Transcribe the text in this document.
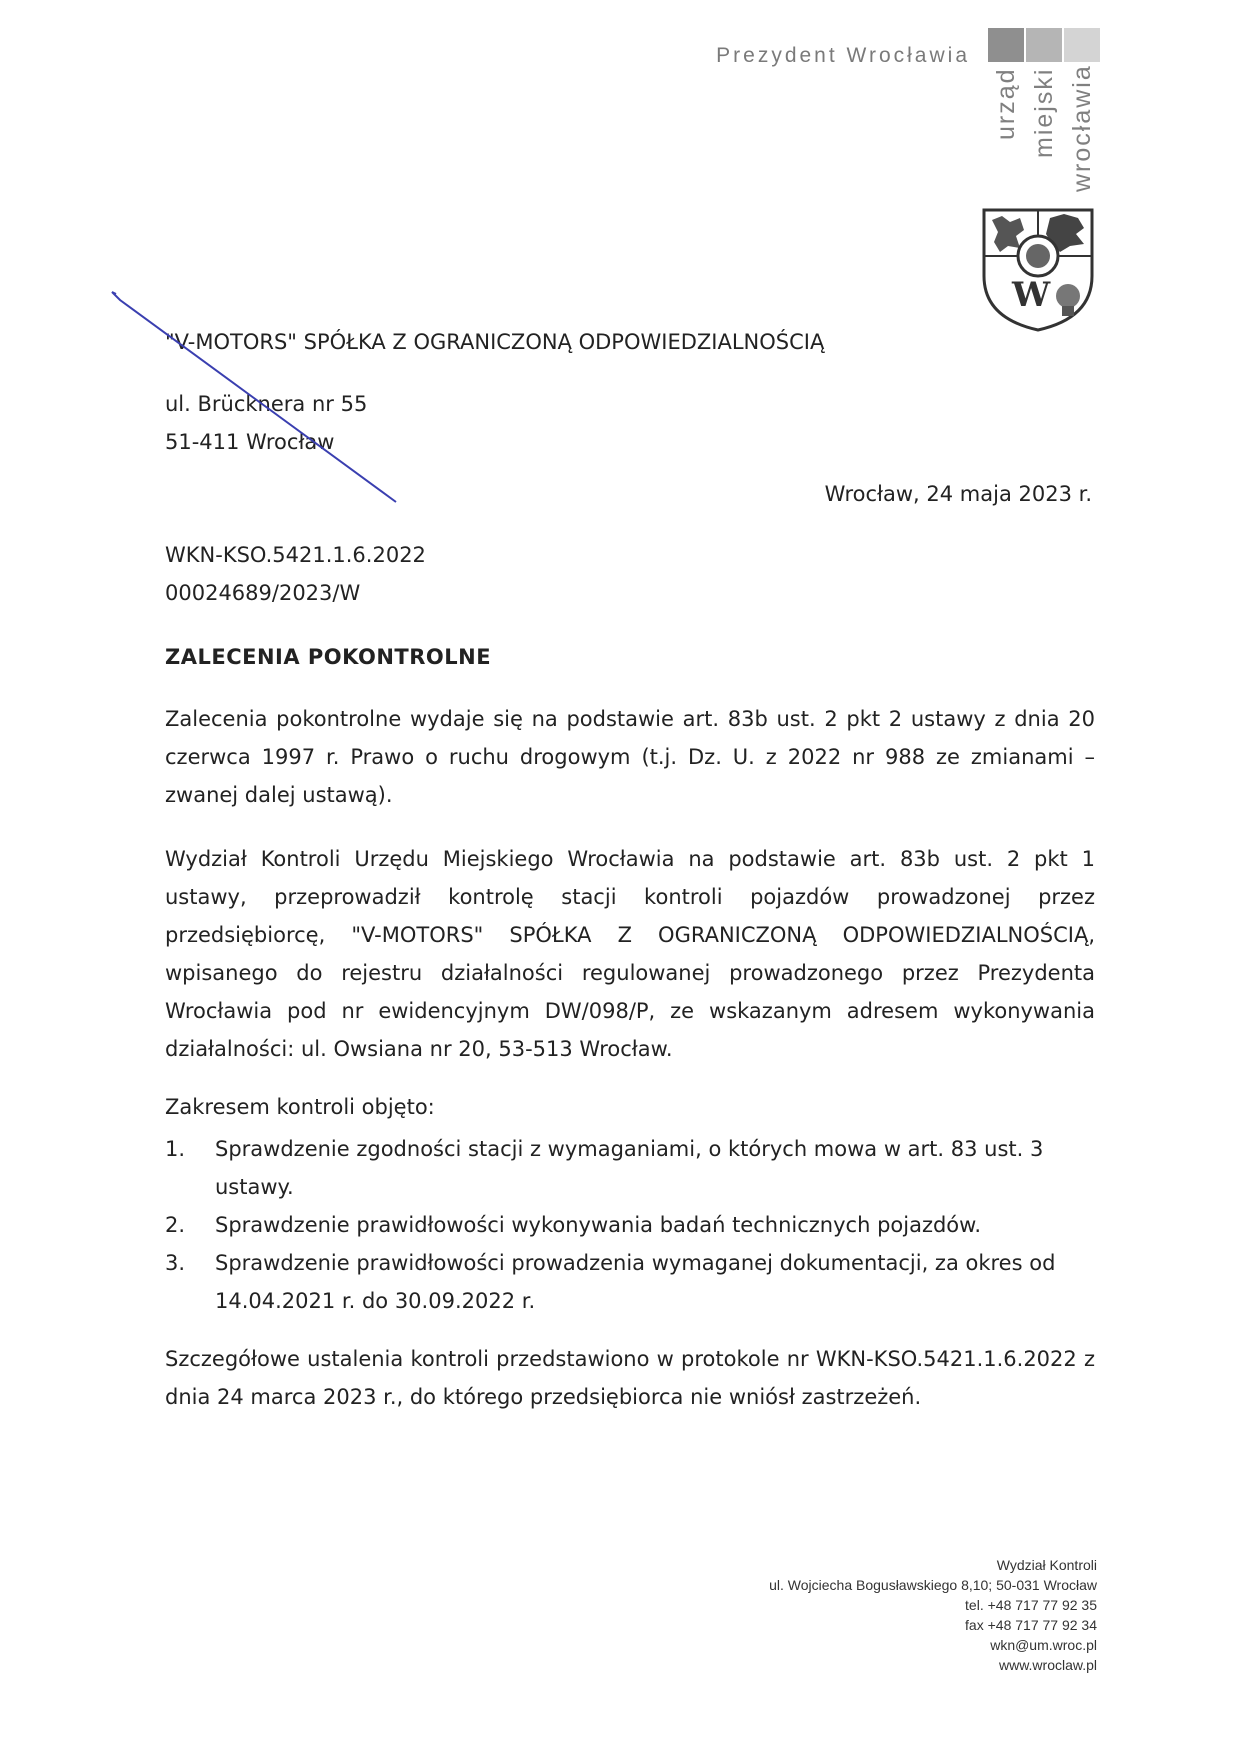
Prezydent Wrocławia
urząd miejski wrocławia
W
"V-MOTORS" SPÓŁKA Z OGRANICZONĄ ODPOWIEDZIALNOŚCIĄ
ul. Brücknera nr 55
51-411 Wrocław
Wrocław, 24 maja 2023 r.
WKN-KSO.5421.1.6.2022
00024689/2023/W
ZALECENIA POKONTROLNE
Zalecenia pokontrolne wydaje się na podstawie art. 83b ust. 2 pkt 2 ustawy z dnia 20 czerwca 1997 r. Prawo o ruchu drogowym (t.j. Dz. U. z 2022 nr 988 ze zmianami – zwanej dalej ustawą).
Wydział Kontroli Urzędu Miejskiego Wrocławia na podstawie art. 83b ust. 2 pkt 1 ustawy, przeprowadził kontrolę stacji kontroli pojazdów prowadzonej przez przedsiębiorcę, "V-MOTORS" SPÓŁKA Z OGRANICZONĄ ODPOWIEDZIALNOŚCIĄ, wpisanego do rejestru działalności regulowanej prowadzonego przez Prezydenta Wrocławia pod nr ewidencyjnym DW/098/P, ze wskazanym adresem wykonywania działalności: ul. Owsiana nr 20, 53-513 Wrocław.
Zakresem kontroli objęto:
1. Sprawdzenie zgodności stacji z wymaganiami, o których mowa w art. 83 ust. 3 ustawy.
2. Sprawdzenie prawidłowości wykonywania badań technicznych pojazdów.
3. Sprawdzenie prawidłowości prowadzenia wymaganej dokumentacji, za okres od 14.04.2021 r. do 30.09.2022 r.
Szczegółowe ustalenia kontroli przedstawiono w protokole nr WKN-KSO.5421.1.6.2022 z dnia 24 marca 2023 r., do którego przedsiębiorca nie wniósł zastrzeżeń.
Wydział Kontroli
ul. Wojciecha Bogusławskiego 8,10; 50-031 Wrocław
tel. +48 717 77 92 35
fax +48 717 77 92 34
wkn@um.wroc.pl
www.wroclaw.pl
